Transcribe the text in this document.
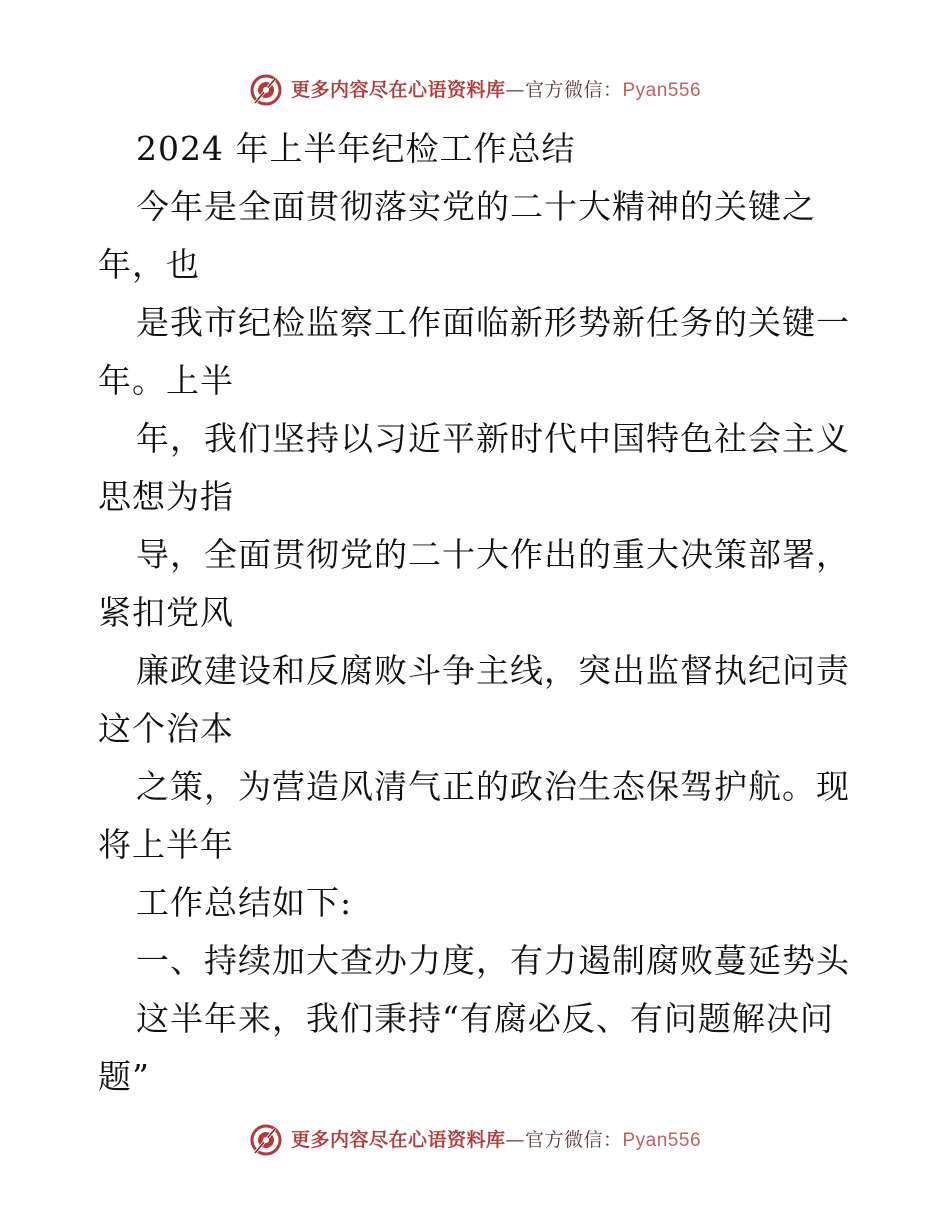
更多内容尽在心语资料库—官方微信：Pyan556
2024 年上半年纪检工作总结
今年是全面贯彻落实党的二十大精神的关键之
年，也
是我市纪检监察工作面临新形势新任务的关键一
年。上半
年，我们坚持以习近平新时代中国特色社会主义
思想为指
导，全面贯彻党的二十大作出的重大决策部署，
紧扣党风
廉政建设和反腐败斗争主线，突出监督执纪问责
这个治本
之策，为营造风清气正的政治生态保驾护航。现
将上半年
工作总结如下:
一、持续加大查办力度，有力遏制腐败蔓延势头
这半年来，我们秉持“有腐必反、有问题解决问
题”
更多内容尽在心语资料库—官方微信：Pyan556
